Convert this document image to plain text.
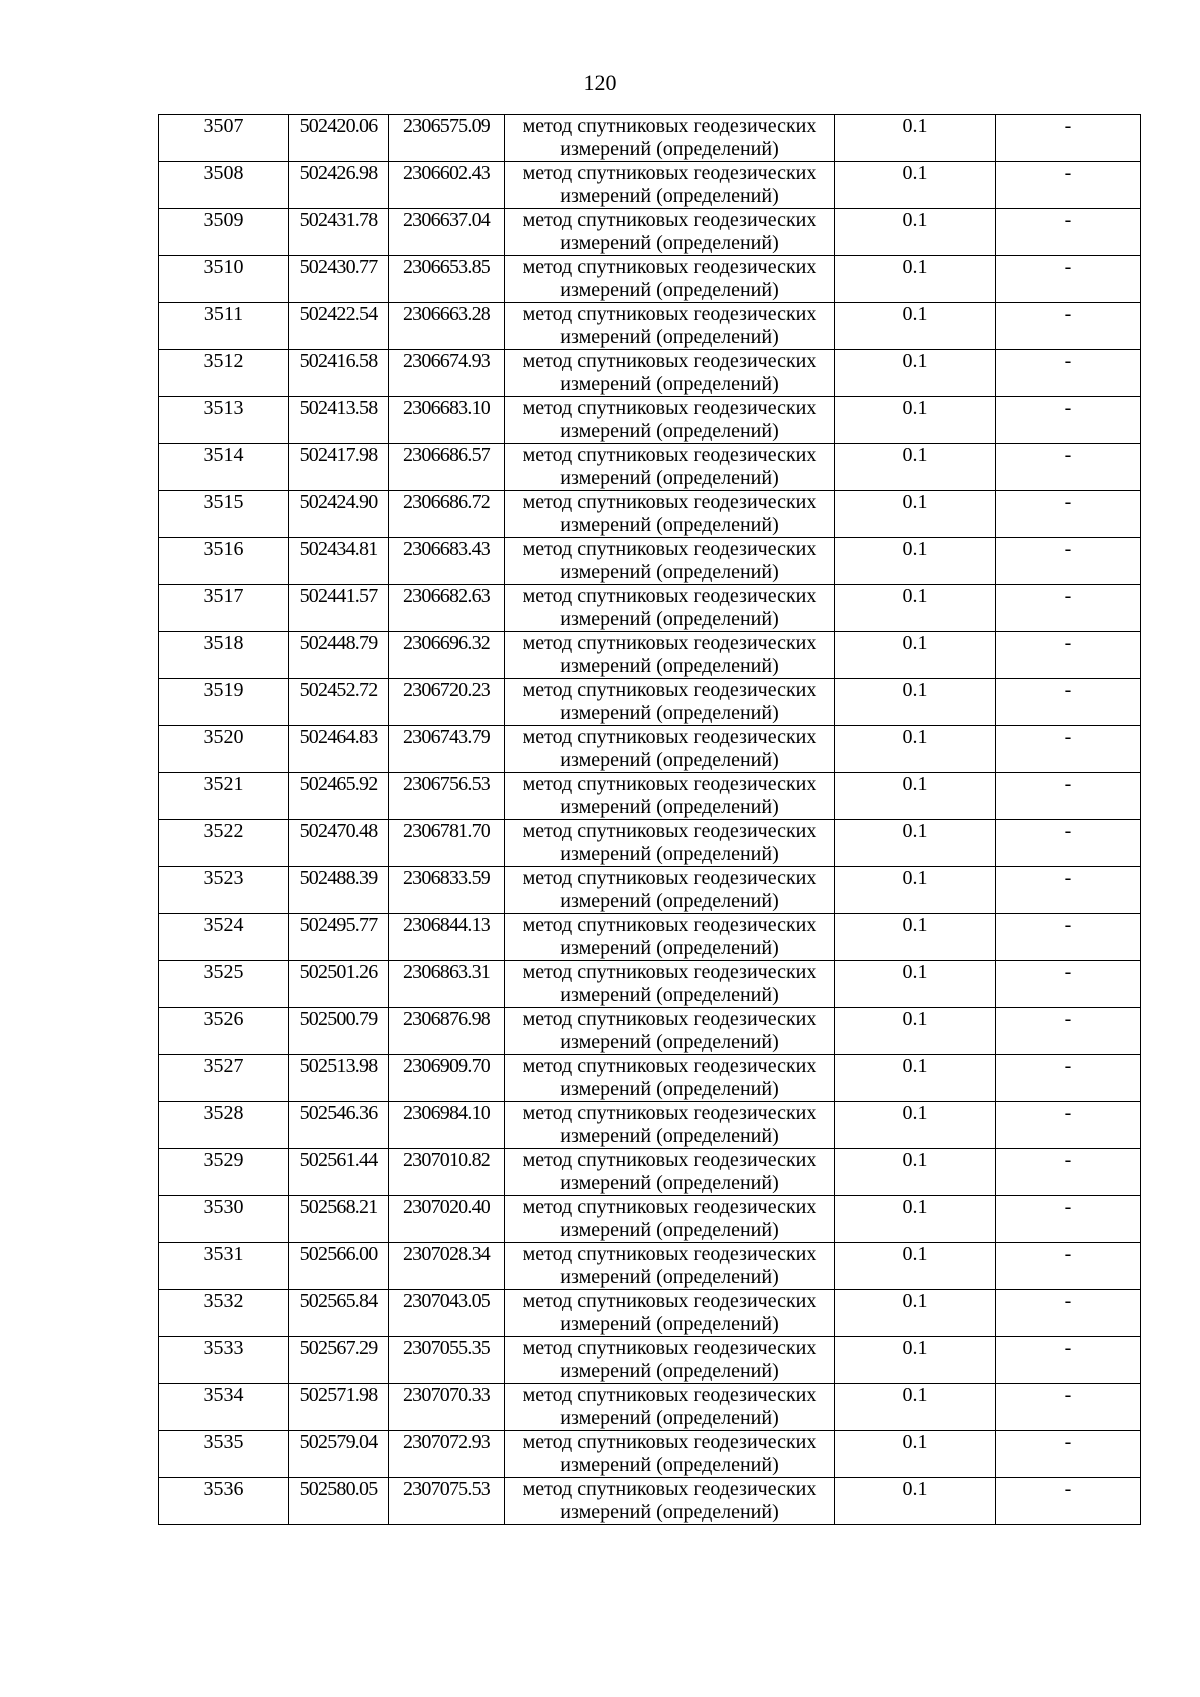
120
3507	502420.06	2306575.09	метод спутниковых геодезических измерений (определений)	0.1	-
3508	502426.98	2306602.43	метод спутниковых геодезических измерений (определений)	0.1	-
3509	502431.78	2306637.04	метод спутниковых геодезических измерений (определений)	0.1	-
3510	502430.77	2306653.85	метод спутниковых геодезических измерений (определений)	0.1	-
3511	502422.54	2306663.28	метод спутниковых геодезических измерений (определений)	0.1	-
3512	502416.58	2306674.93	метод спутниковых геодезических измерений (определений)	0.1	-
3513	502413.58	2306683.10	метод спутниковых геодезических измерений (определений)	0.1	-
3514	502417.98	2306686.57	метод спутниковых геодезических измерений (определений)	0.1	-
3515	502424.90	2306686.72	метод спутниковых геодезических измерений (определений)	0.1	-
3516	502434.81	2306683.43	метод спутниковых геодезических измерений (определений)	0.1	-
3517	502441.57	2306682.63	метод спутниковых геодезических измерений (определений)	0.1	-
3518	502448.79	2306696.32	метод спутниковых геодезических измерений (определений)	0.1	-
3519	502452.72	2306720.23	метод спутниковых геодезических измерений (определений)	0.1	-
3520	502464.83	2306743.79	метод спутниковых геодезических измерений (определений)	0.1	-
3521	502465.92	2306756.53	метод спутниковых геодезических измерений (определений)	0.1	-
3522	502470.48	2306781.70	метод спутниковых геодезических измерений (определений)	0.1	-
3523	502488.39	2306833.59	метод спутниковых геодезических измерений (определений)	0.1	-
3524	502495.77	2306844.13	метод спутниковых геодезических измерений (определений)	0.1	-
3525	502501.26	2306863.31	метод спутниковых геодезических измерений (определений)	0.1	-
3526	502500.79	2306876.98	метод спутниковых геодезических измерений (определений)	0.1	-
3527	502513.98	2306909.70	метод спутниковых геодезических измерений (определений)	0.1	-
3528	502546.36	2306984.10	метод спутниковых геодезических измерений (определений)	0.1	-
3529	502561.44	2307010.82	метод спутниковых геодезических измерений (определений)	0.1	-
3530	502568.21	2307020.40	метод спутниковых геодезических измерений (определений)	0.1	-
3531	502566.00	2307028.34	метод спутниковых геодезических измерений (определений)	0.1	-
3532	502565.84	2307043.05	метод спутниковых геодезических измерений (определений)	0.1	-
3533	502567.29	2307055.35	метод спутниковых геодезических измерений (определений)	0.1	-
3534	502571.98	2307070.33	метод спутниковых геодезических измерений (определений)	0.1	-
3535	502579.04	2307072.93	метод спутниковых геодезических измерений (определений)	0.1	-
3536	502580.05	2307075.53	метод спутниковых геодезических измерений (определений)	0.1	-
